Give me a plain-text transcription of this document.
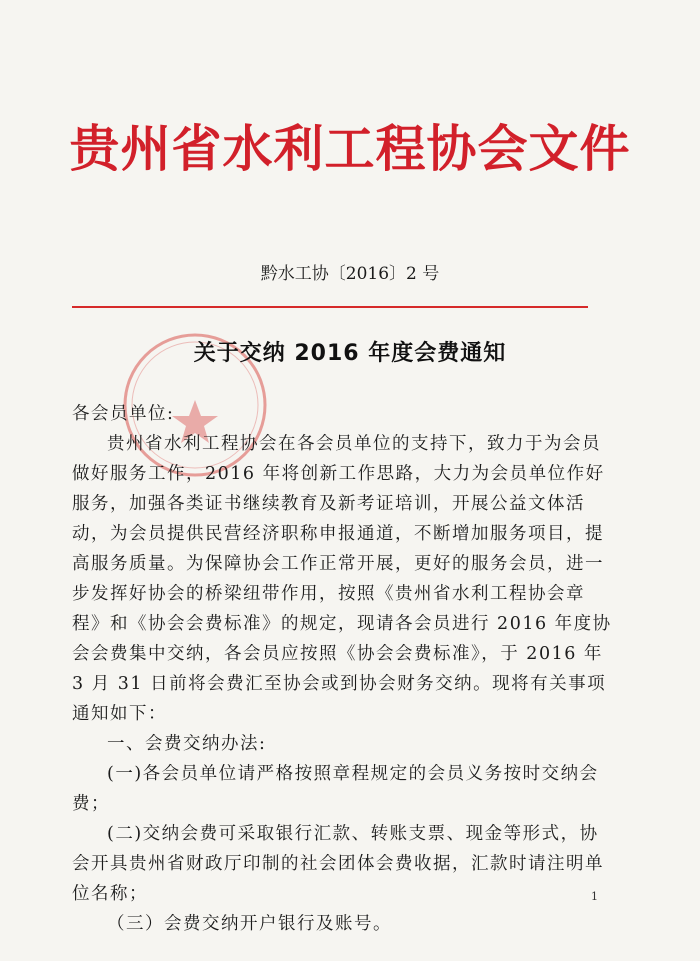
贵州省水利工程协会文件
黔水工协〔2016〕2 号
关于交纳 2016 年度会费通知

各会员单位:

贵州省水利工程协会在各会员单位的支持下，致力于为会员做好服务工作，2016 年将创新工作思路，大力为会员单位作好服务，加强各类证书继续教育及新考证培训，开展公益文体活动，为会员提供民营经济职称申报通道，不断增加服务项目，提高服务质量。为保障协会工作正常开展，更好的服务会员，进一步发挥好协会的桥梁纽带作用，按照《贵州省水利工程协会章程》和《协会会费标准》的规定，现请各会员进行 2016 年度协会会费集中交纳，各会员应按照《协会会费标准》，于 2016 年 3 月 31 日前将会费汇至协会或到协会财务交纳。现将有关事项通知如下：

一、会费交纳办法:

(一)各会员单位请严格按照章程规定的会员义务按时交纳会费；

(二)交纳会费可采取银行汇款、转账支票、现金等形式，协会开具贵州省财政厅印制的社会团体会费收据，汇款时请注明单位名称；

（三）会费交纳开户银行及账号。

1
